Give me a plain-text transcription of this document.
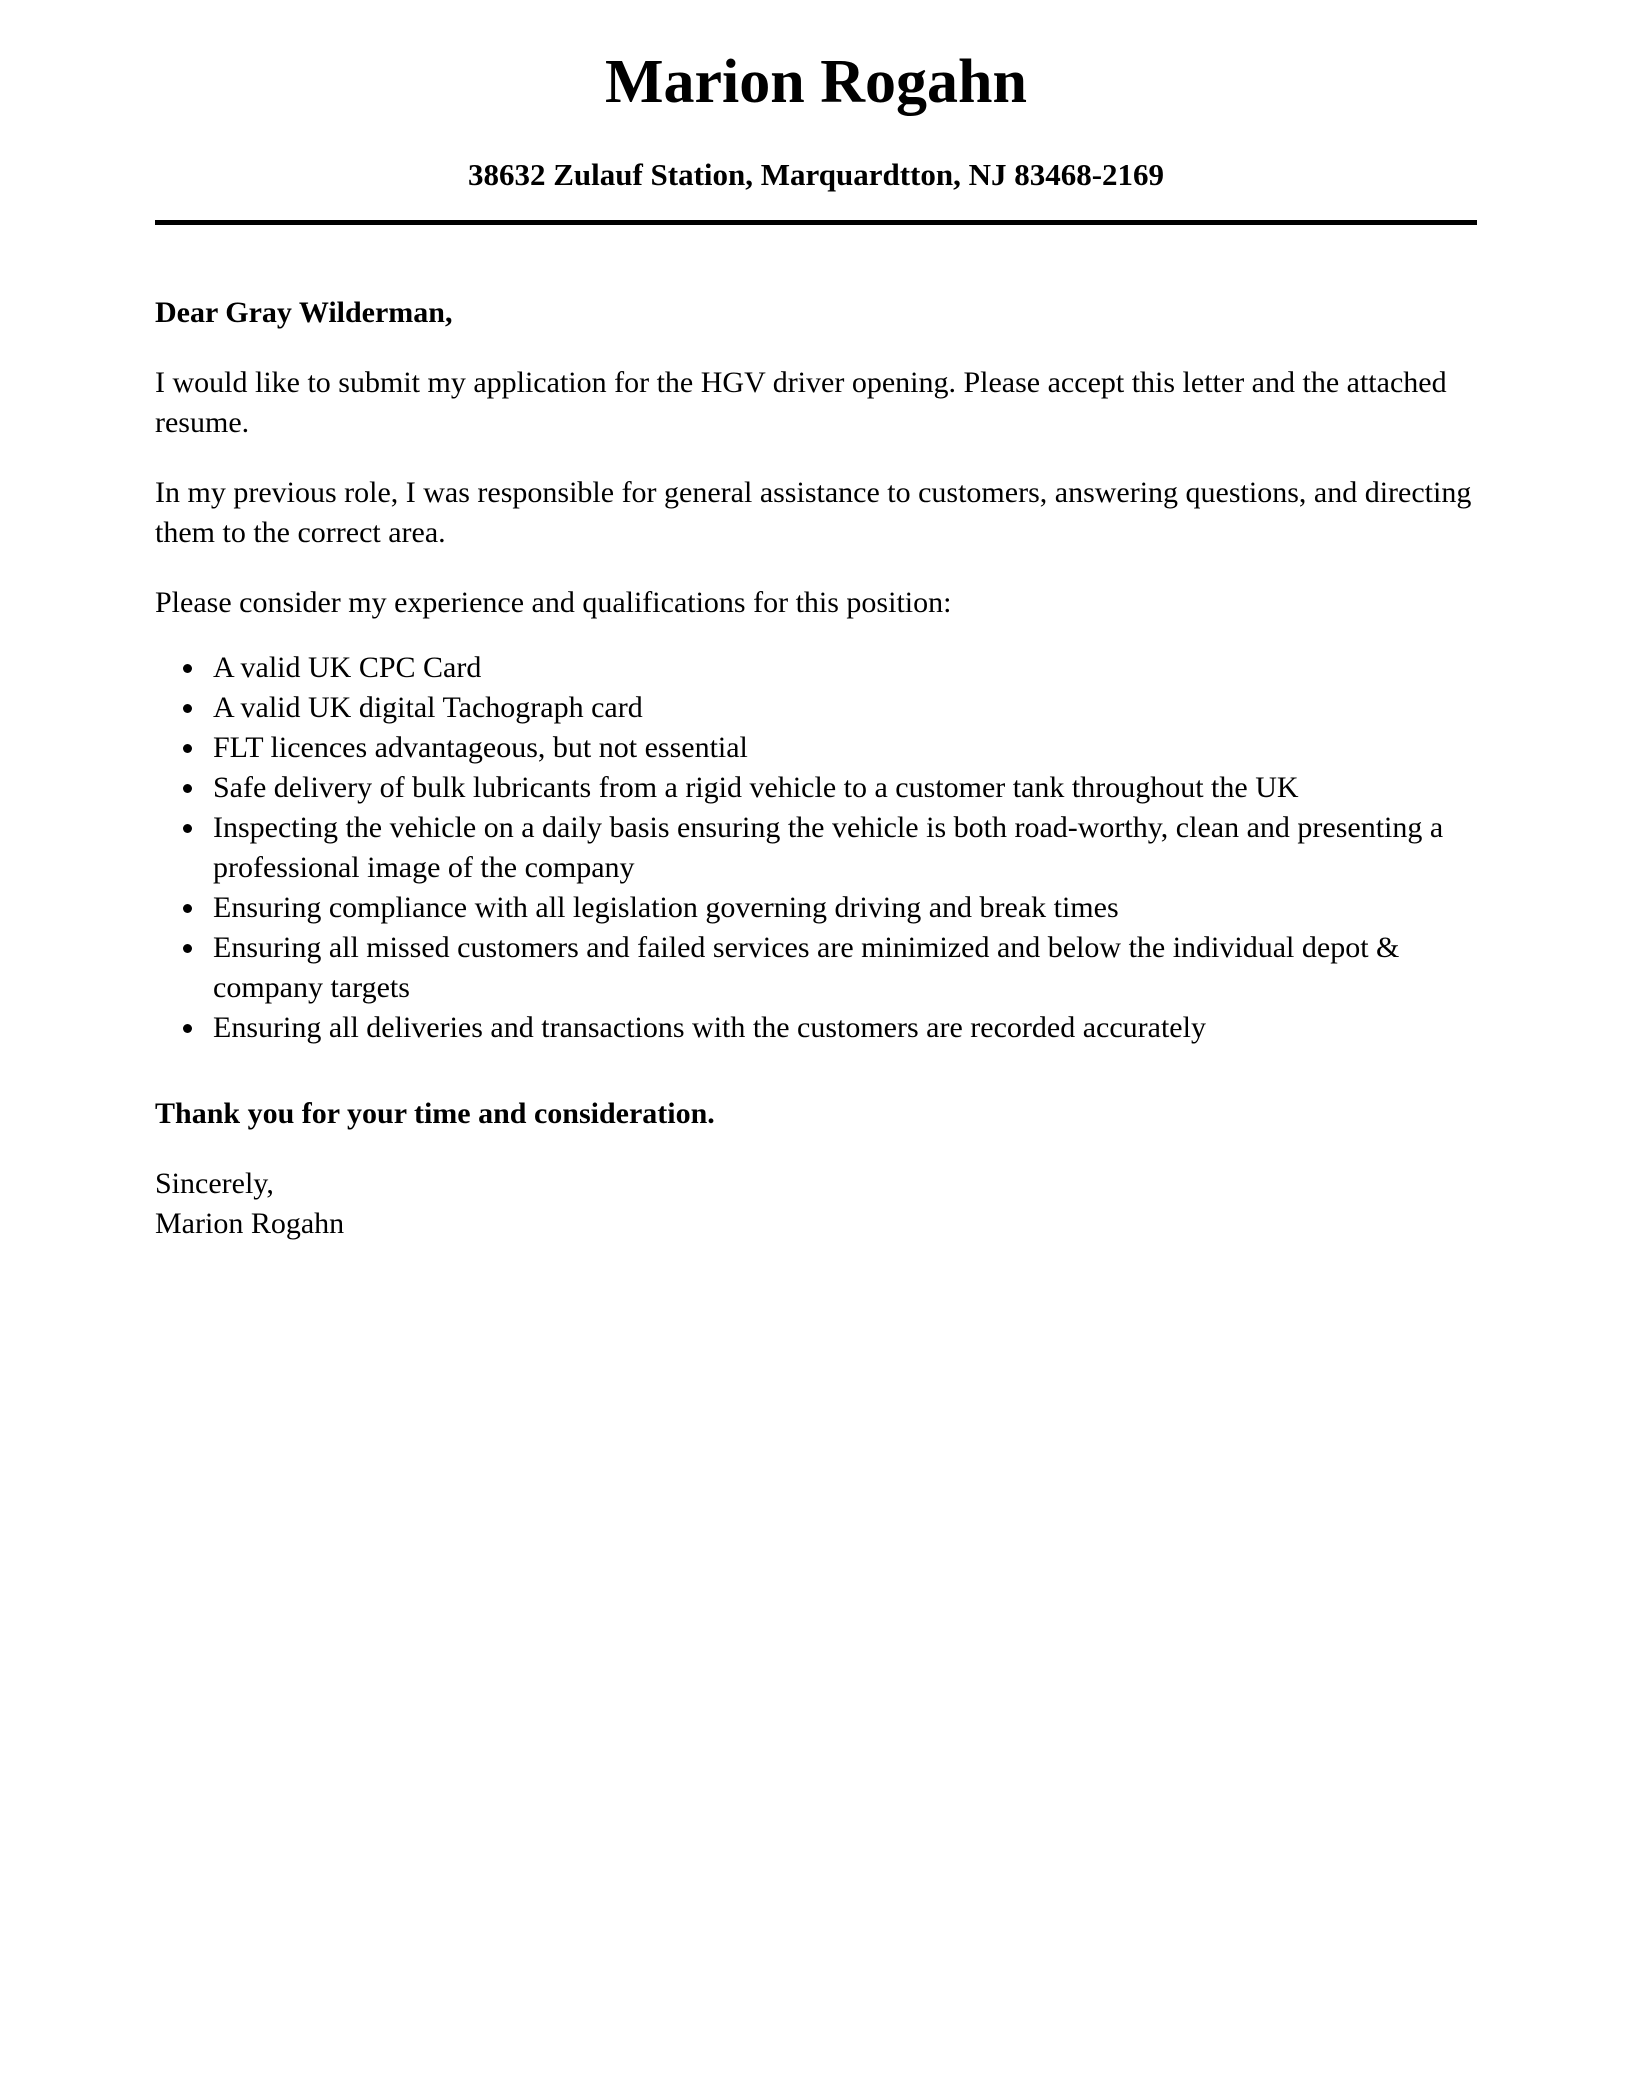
Marion Rogahn
38632 Zulauf Station, Marquardtton, NJ 83468-2169
Dear Gray Wilderman,

I would like to submit my application for the HGV driver opening. Please accept this letter and the attached resume.

In my previous role, I was responsible for general assistance to customers, answering questions, and directing them to the correct area.

Please consider my experience and qualifications for this position:

• A valid UK CPC Card
• A valid UK digital Tachograph card
• FLT licences advantageous, but not essential
• Safe delivery of bulk lubricants from a rigid vehicle to a customer tank throughout the UK
• Inspecting the vehicle on a daily basis ensuring the vehicle is both road-worthy, clean and presenting a professional image of the company
• Ensuring compliance with all legislation governing driving and break times
• Ensuring all missed customers and failed services are minimized and below the individual depot & company targets
• Ensuring all deliveries and transactions with the customers are recorded accurately
Thank you for your time and consideration.
Sincerely,
Marion Rogahn
